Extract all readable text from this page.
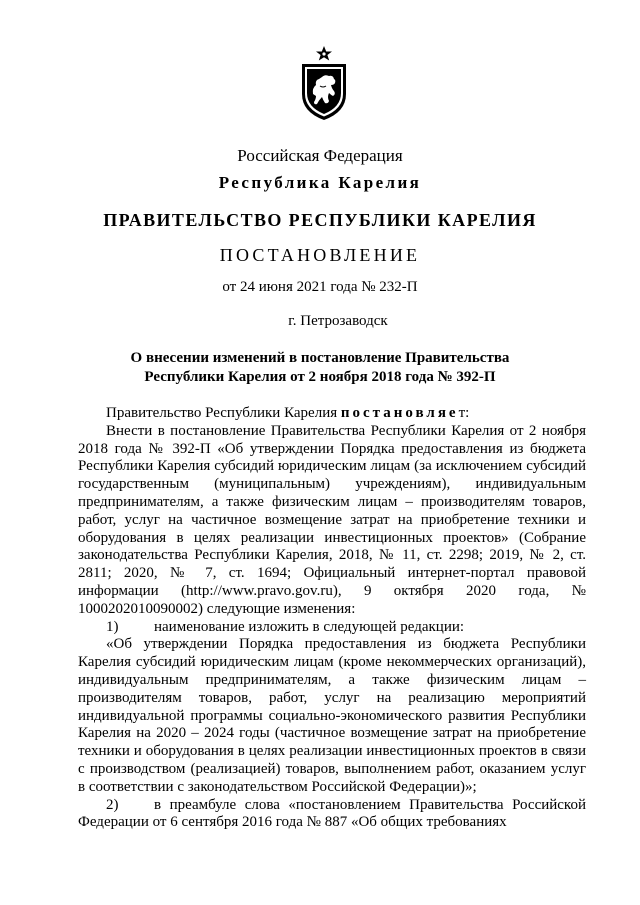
Российская Федерация
Республика Карелия
ПРАВИТЕЛЬСТВО РЕСПУБЛИКИ КАРЕЛИЯ
ПОСТАНОВЛЕНИЕ
от 24 июня 2021 года № 232-П
г. Петрозаводск
О внесении изменений в постановление Правительства
Республики Карелия от 2 ноября 2018 года № 392-П

Правительство Республики Карелия постановляет:

Внести в постановление Правительства Республики Карелия от 2 ноября 2018 года № 392-П «Об утверждении Порядка предоставления из бюджета Республики Карелия субсидий юридическим лицам (за исключением субсидий государственным (муниципальным) учреждениям), индивидуальным предпринимателям, а также физическим лицам – производителям товаров, работ, услуг на частичное возмещение затрат на приобретение техники и оборудования в целях реализации инвестиционных проектов» (Собрание законодательства Республики Карелия, 2018, № 11, ст. 2298; 2019, № 2, ст. 2811; 2020, № 7, ст. 1694; Официальный интернет-портал правовой информации (http://www.pravo.gov.ru), 9 октября 2020 года, № 1000202010090002) следующие изменения:

1) наименование изложить в следующей редакции:

«Об утверждении Порядка предоставления из бюджета Республики Карелия субсидий юридическим лицам (кроме некоммерческих организаций), индивидуальным предпринимателям, а также физическим лицам – производителям товаров, работ, услуг на реализацию мероприятий индивидуальной программы социально-экономического развития Республики Карелия на 2020 – 2024 годы (частичное возмещение затрат на приобретение техники и оборудования в целях реализации инвестиционных проектов в связи с производством (реализацией) товаров, выполнением работ, оказанием услуг в соответствии с законодательством Российской Федерации)»;

2) в преамбуле слова «постановлением Правительства Российской Федерации от 6 сентября 2016 года № 887 «Об общих требованиях
